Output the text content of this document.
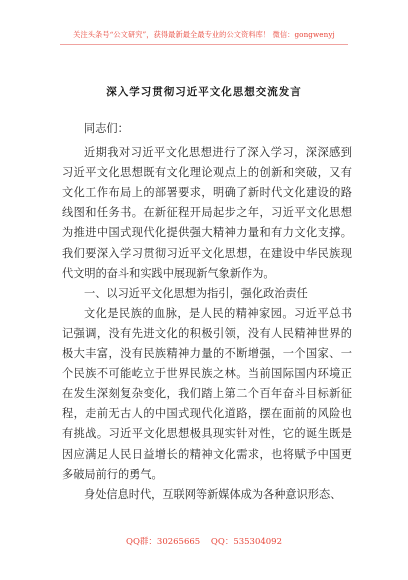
关注头条号“公文研究”，获得最新最全最专业的公文资料库！ 微信：gongwenyj
深入学习贯彻习近平文化思想交流发言
同志们：

近期我对习近平文化思想进行了深入学习，深深感到习近平文化思想既有文化理论观点上的创新和突破，又有文化工作布局上的部署要求，明确了新时代文化建设的路线图和任务书。在新征程开局起步之年，习近平文化思想为推进中国式现代化提供强大精神力量和有力文化支撑。我们要深入学习贯彻习近平文化思想，在建设中华民族现代文明的奋斗和实践中展现新气象新作为。

一、以习近平文化思想为指引，强化政治责任

文化是民族的血脉，是人民的精神家园。习近平总书记强调，没有先进文化的积极引领，没有人民精神世界的极大丰富，没有民族精神力量的不断增强，一个国家、一个民族不可能屹立于世界民族之林。当前国际国内环境正在发生深刻复杂变化，我们踏上第二个百年奋斗目标新征程，走前无古人的中国式现代化道路，摆在面前的风险也有挑战。习近平文化思想极具现实针对性，它的诞生既是因应满足人民日益增长的精神文化需求，也将赋予中国更多破局前行的勇气。

身处信息时代，互联网等新媒体成为各种意识形态、

QQ群：30265665 QQ：535304092
